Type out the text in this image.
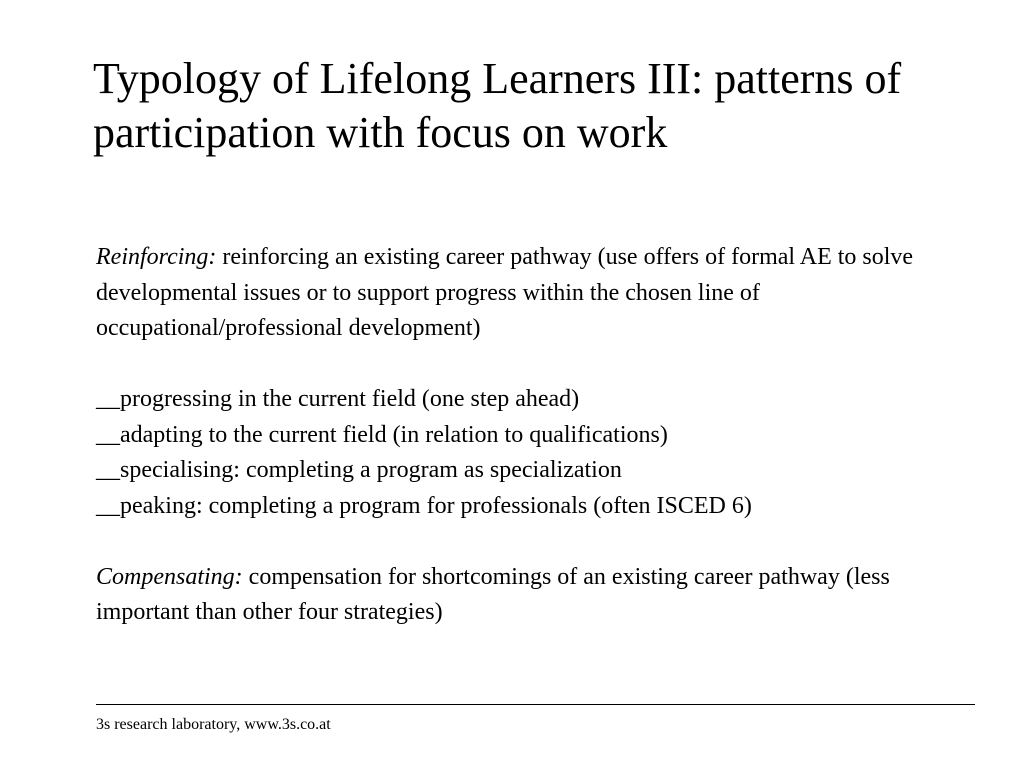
Typology of Lifelong Learners III: patterns of participation with focus on work

Reinforcing: reinforcing an existing career pathway (use offers of formal AE to solve developmental issues or to support progress within the chosen line of occupational/professional development)

__progressing in the current field (one step ahead)
__adapting to the current field (in relation to qualifications)
__specialising: completing a program as specialization
__peaking: completing a program for professionals (often ISCED 6)

Compensating: compensation for shortcomings of an existing career pathway (less important than other four strategies)

3s research laboratory, www.3s.co.at
